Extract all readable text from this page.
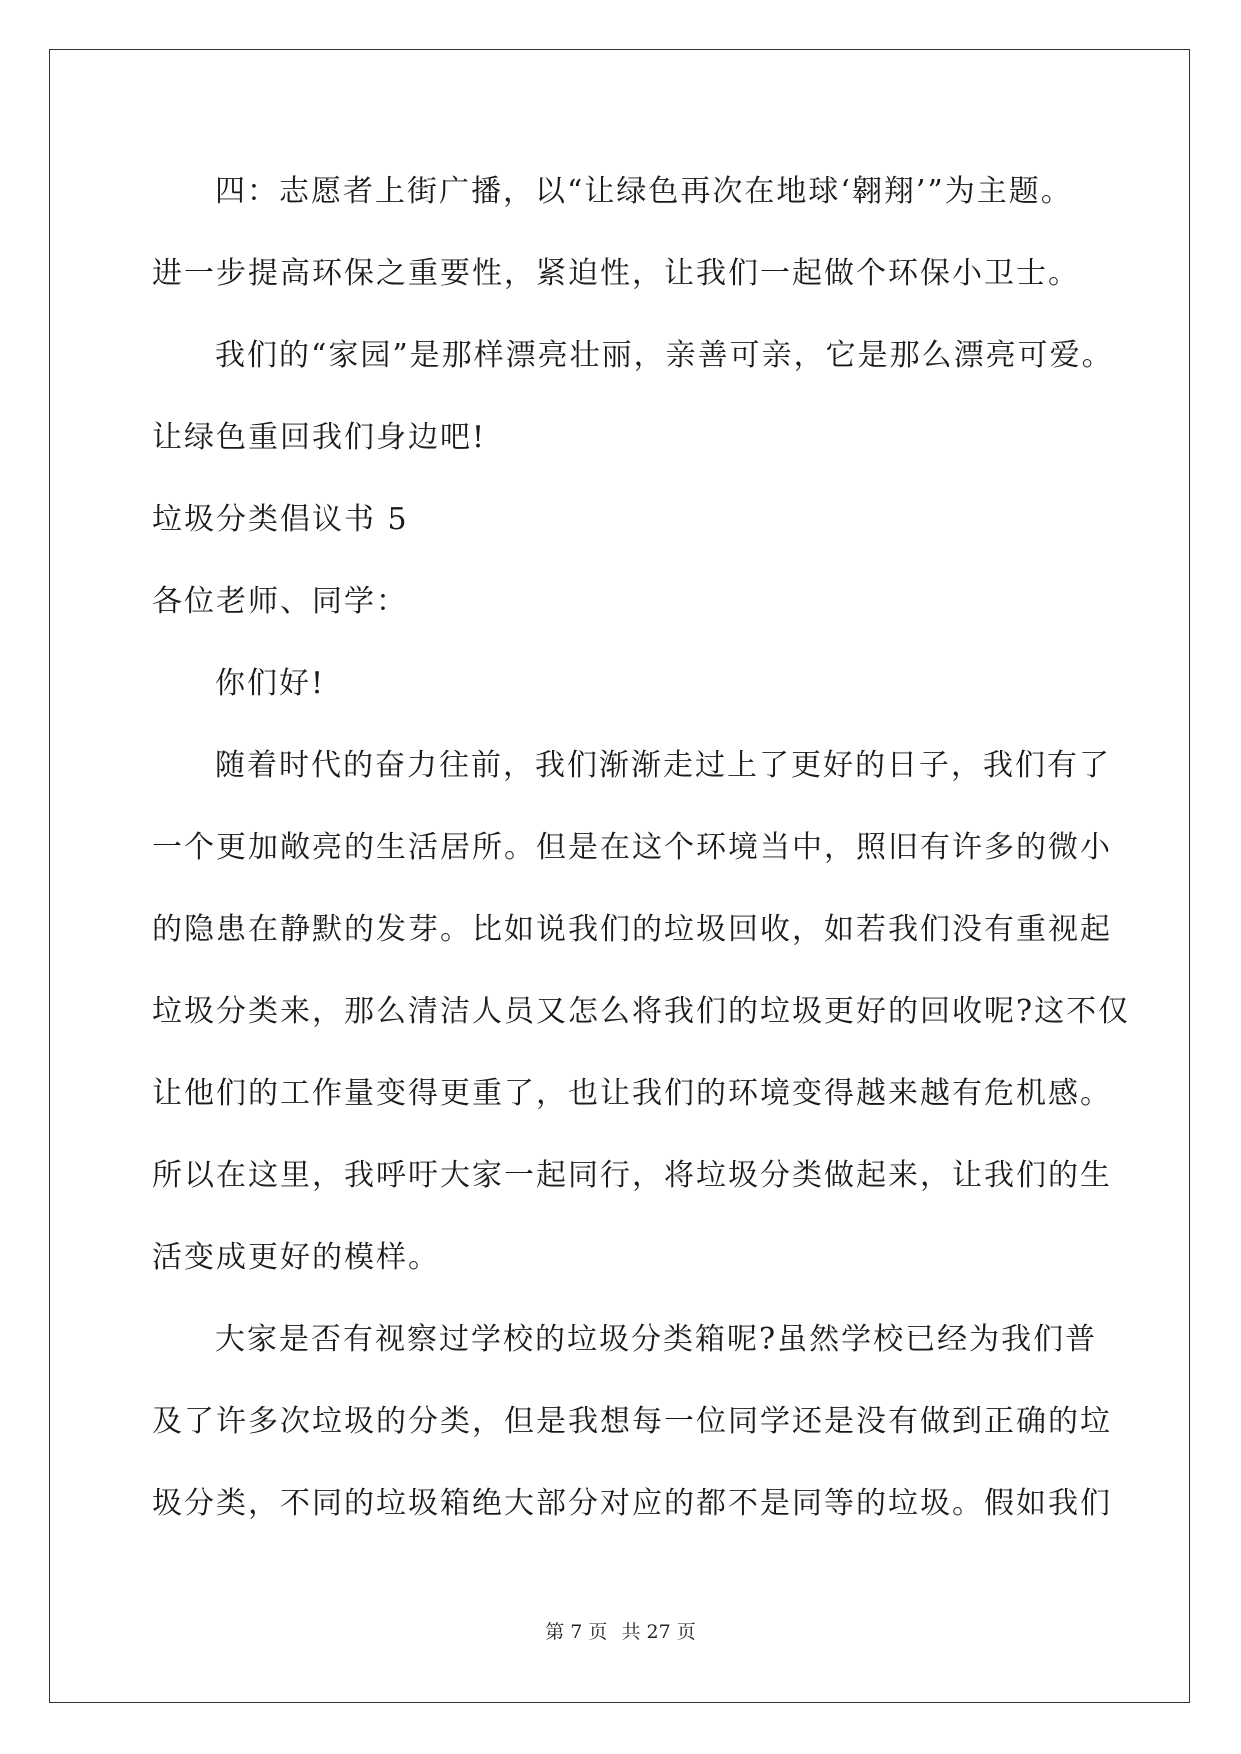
四：志愿者上街广播，以“让绿色再次在地球‘翱翔’”为主题。
进一步提高环保之重要性，紧迫性，让我们一起做个环保小卫士。
我们的“家园”是那样漂亮壮丽，亲善可亲，它是那么漂亮可爱。
让绿色重回我们身边吧!
垃圾分类倡议书 5
各位老师、同学：
你们好!
随着时代的奋力往前，我们渐渐走过上了更好的日子，我们有了
一个更加敞亮的生活居所。但是在这个环境当中，照旧有许多的微小
的隐患在静默的发芽。比如说我们的垃圾回收，如若我们没有重视起
垃圾分类来，那么清洁人员又怎么将我们的垃圾更好的回收呢?这不仅
让他们的工作量变得更重了，也让我们的环境变得越来越有危机感。
所以在这里，我呼吁大家一起同行，将垃圾分类做起来，让我们的生
活变成更好的模样。
大家是否有视察过学校的垃圾分类箱呢?虽然学校已经为我们普
及了许多次垃圾的分类，但是我想每一位同学还是没有做到正确的垃
圾分类，不同的垃圾箱绝大部分对应的都不是同等的垃圾。假如我们
第 7 页 共 27 页
